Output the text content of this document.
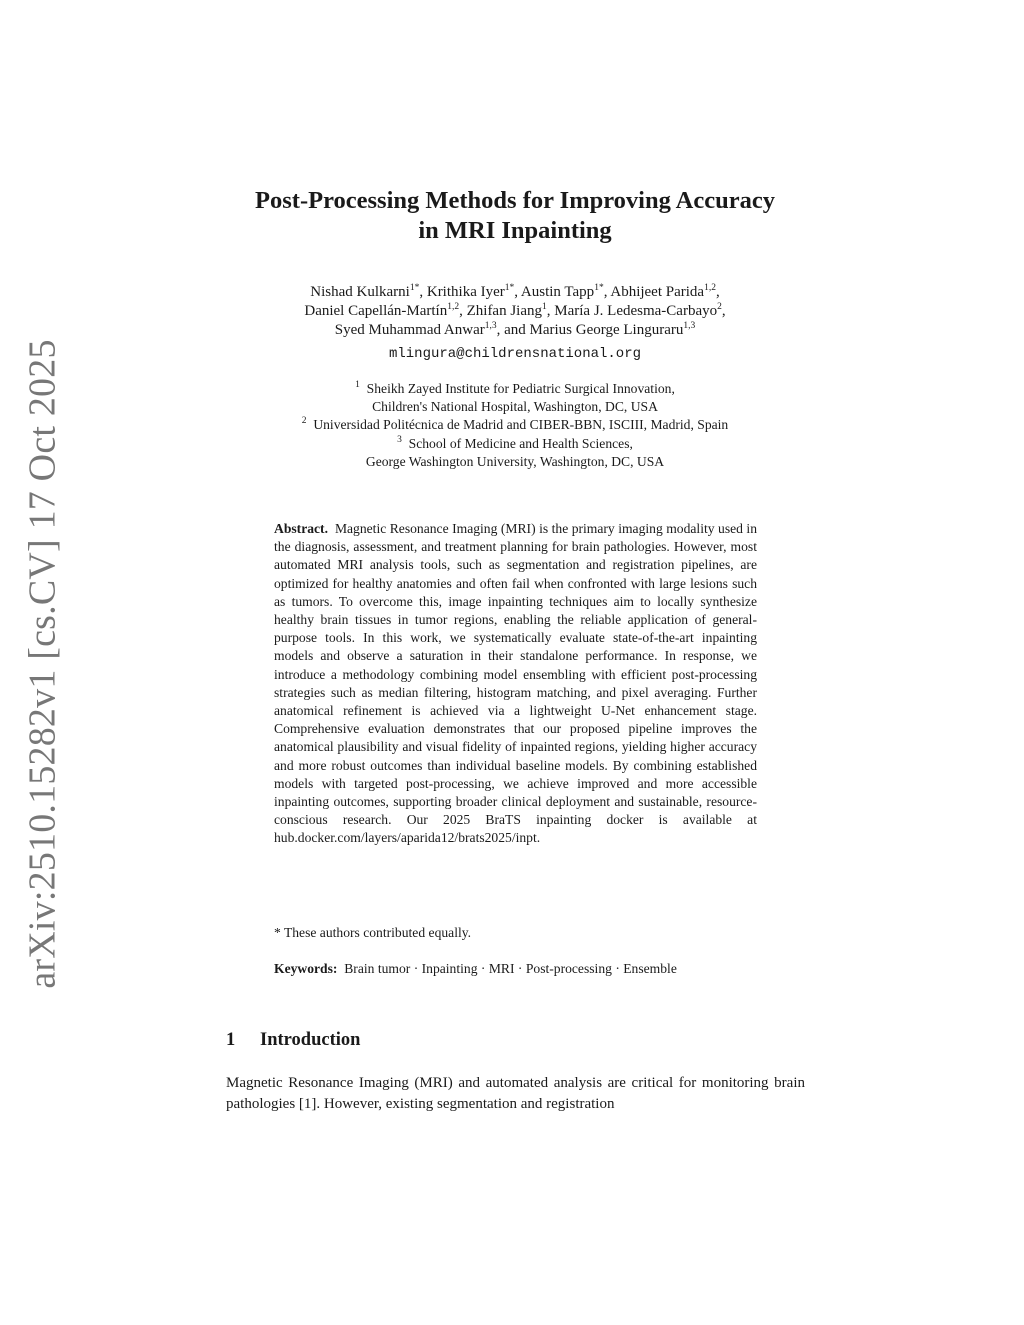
arXiv:2510.15282v1 [cs.CV] 17 Oct 2025
Post-Processing Methods for Improving Accuracy
in MRI Inpainting
Nishad Kulkarni$^{1*}$, Krithika Iyer$^{1*}$, Austin Tapp$^{1*}$, Abhijeet Parida$^{1,2}$,
Daniel Capellán-Martín$^{1,2}$, Zhifan Jiang$^1$, María J. Ledesma-Carbayo$^2$,
Syed Muhammad Anwar$^{1,3}$, and Marius George Linguraru$^{1,3}$
mlingura@childrensnational.org
$^1$ Sheikh Zayed Institute for Pediatric Surgical Innovation,
Children's National Hospital, Washington, DC, USA
$^2$ Universidad Politécnica de Madrid and CIBER-BBN, ISCIII, Madrid, Spain
$^3$ School of Medicine and Health Sciences,
George Washington University, Washington, DC, USA

Abstract. Magnetic Resonance Imaging (MRI) is the primary imaging modality used in the diagnosis, assessment, and treatment planning for brain pathologies. However, most automated MRI analysis tools, such as segmentation and registration pipelines, are optimized for healthy anatomies and often fail when confronted with large lesions such as tumors. To overcome this, image inpainting techniques aim to locally synthesize healthy brain tissues in tumor regions, enabling the reliable application of general-purpose tools. In this work, we systematically evaluate state-of-the-art inpainting models and observe a saturation in their standalone performance. In response, we introduce a methodology combining model ensembling with efficient post-processing strategies such as median filtering, histogram matching, and pixel averaging. Further anatomical refinement is achieved via a lightweight U-Net enhancement stage. Comprehensive evaluation demonstrates that our proposed pipeline improves the anatomical plausibility and visual fidelity of inpainted regions, yielding higher accuracy and more robust outcomes than individual baseline models. By combining established models with targeted post-processing, we achieve improved and more accessible inpainting outcomes, supporting broader clinical deployment and sustainable, resource-conscious research. Our 2025 BraTS inpainting docker is available at hub.docker.com/layers/aparida12/brats2025/inpt.

* These authors contributed equally.

Keywords: Brain tumor · Inpainting · MRI · Post-processing · Ensemble

1 Introduction

Magnetic Resonance Imaging (MRI) and automated analysis are critical for monitoring brain pathologies [1]. However, existing segmentation and registration
